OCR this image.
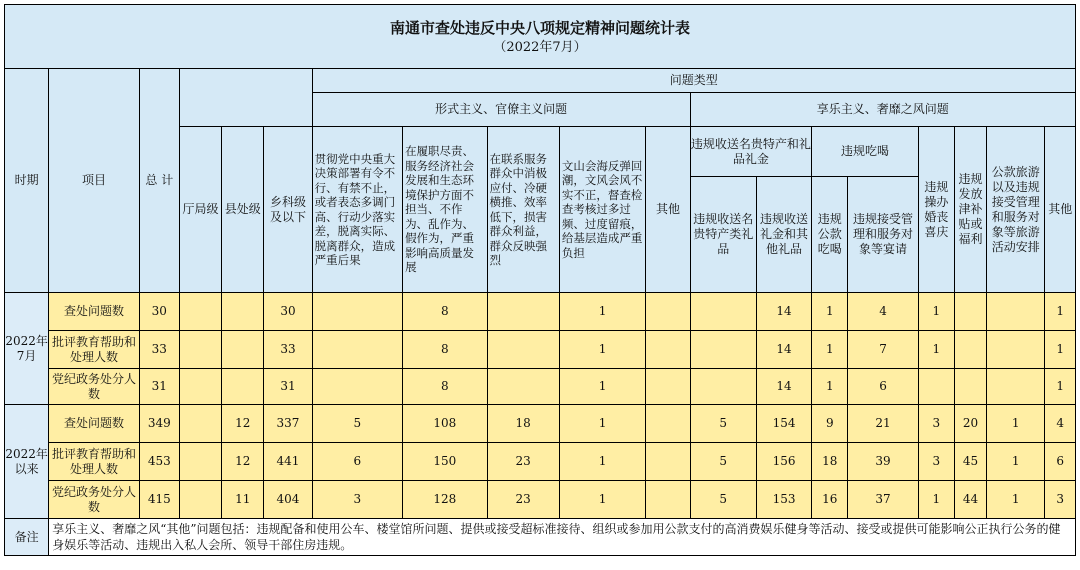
南通市查处违反中央八项规定精神问题统计表
（2022年7月）																		

时期	项目	总 计				问题类型												
						形式主义、官僚主义问题					享乐主义、奢靡之风问题							
			厅局级	县处级	乡科级及以下	贯彻党中央重大决策部署有令不行、有禁不止，或者表态多调门高、行动少落实差，脱离实际、脱离群众，造成严重后果	在履职尽责、服务经济社会发展和生态环境保护方面不担当、不作为、乱作为、假作为，严重影响高质量发展	在联系服务群众中消极应付、冷硬横推、效率低下，损害群众利益，群众反映强烈	文山会海反弹回潮，文风会风不实不正，督查检查考核过多过频、过度留痕，给基层造成严重负担	其他	违规收送名贵特产和礼品礼金		违规吃喝		违规操办婚丧喜庆	违规发放津补贴或福利	公款旅游以及违规接受管理和服务对象等旅游活动安排	其他
											违规收送名贵特产类礼品	违规收送礼金和其他礼品	违规公款吃喝	违规接受管理和服务对象等宴请				
2022年7月	查处问题数	30			30		8		1			14	1	4	1			1
	批评教育帮助和处理人数	33			33		8		1			14	1	7	1			1
	党纪政务处分人数	31			31		8		1			14	1	6				1
2022年以来	查处问题数	349		12	337	5	108	18	1		5	154	9	21	3	20	1	4
	批评教育帮助和处理人数	453		12	441	6	150	23	1		5	156	18	39	3	45	1	6
	党纪政务处分人数	415		11	404	3	128	23	1		5	153	16	37	1	44	1	3
备注	享乐主义、奢靡之风“其他”问题包括：违规配备和使用公车、楼堂馆所问题、提供或接受超标准接待、组织或参加用公款支付的高消费娱乐健身等活动、接受或提供可能影响公正执行公务的健身娱乐等活动、违规出入私人会所、领导干部住房违规。																	
